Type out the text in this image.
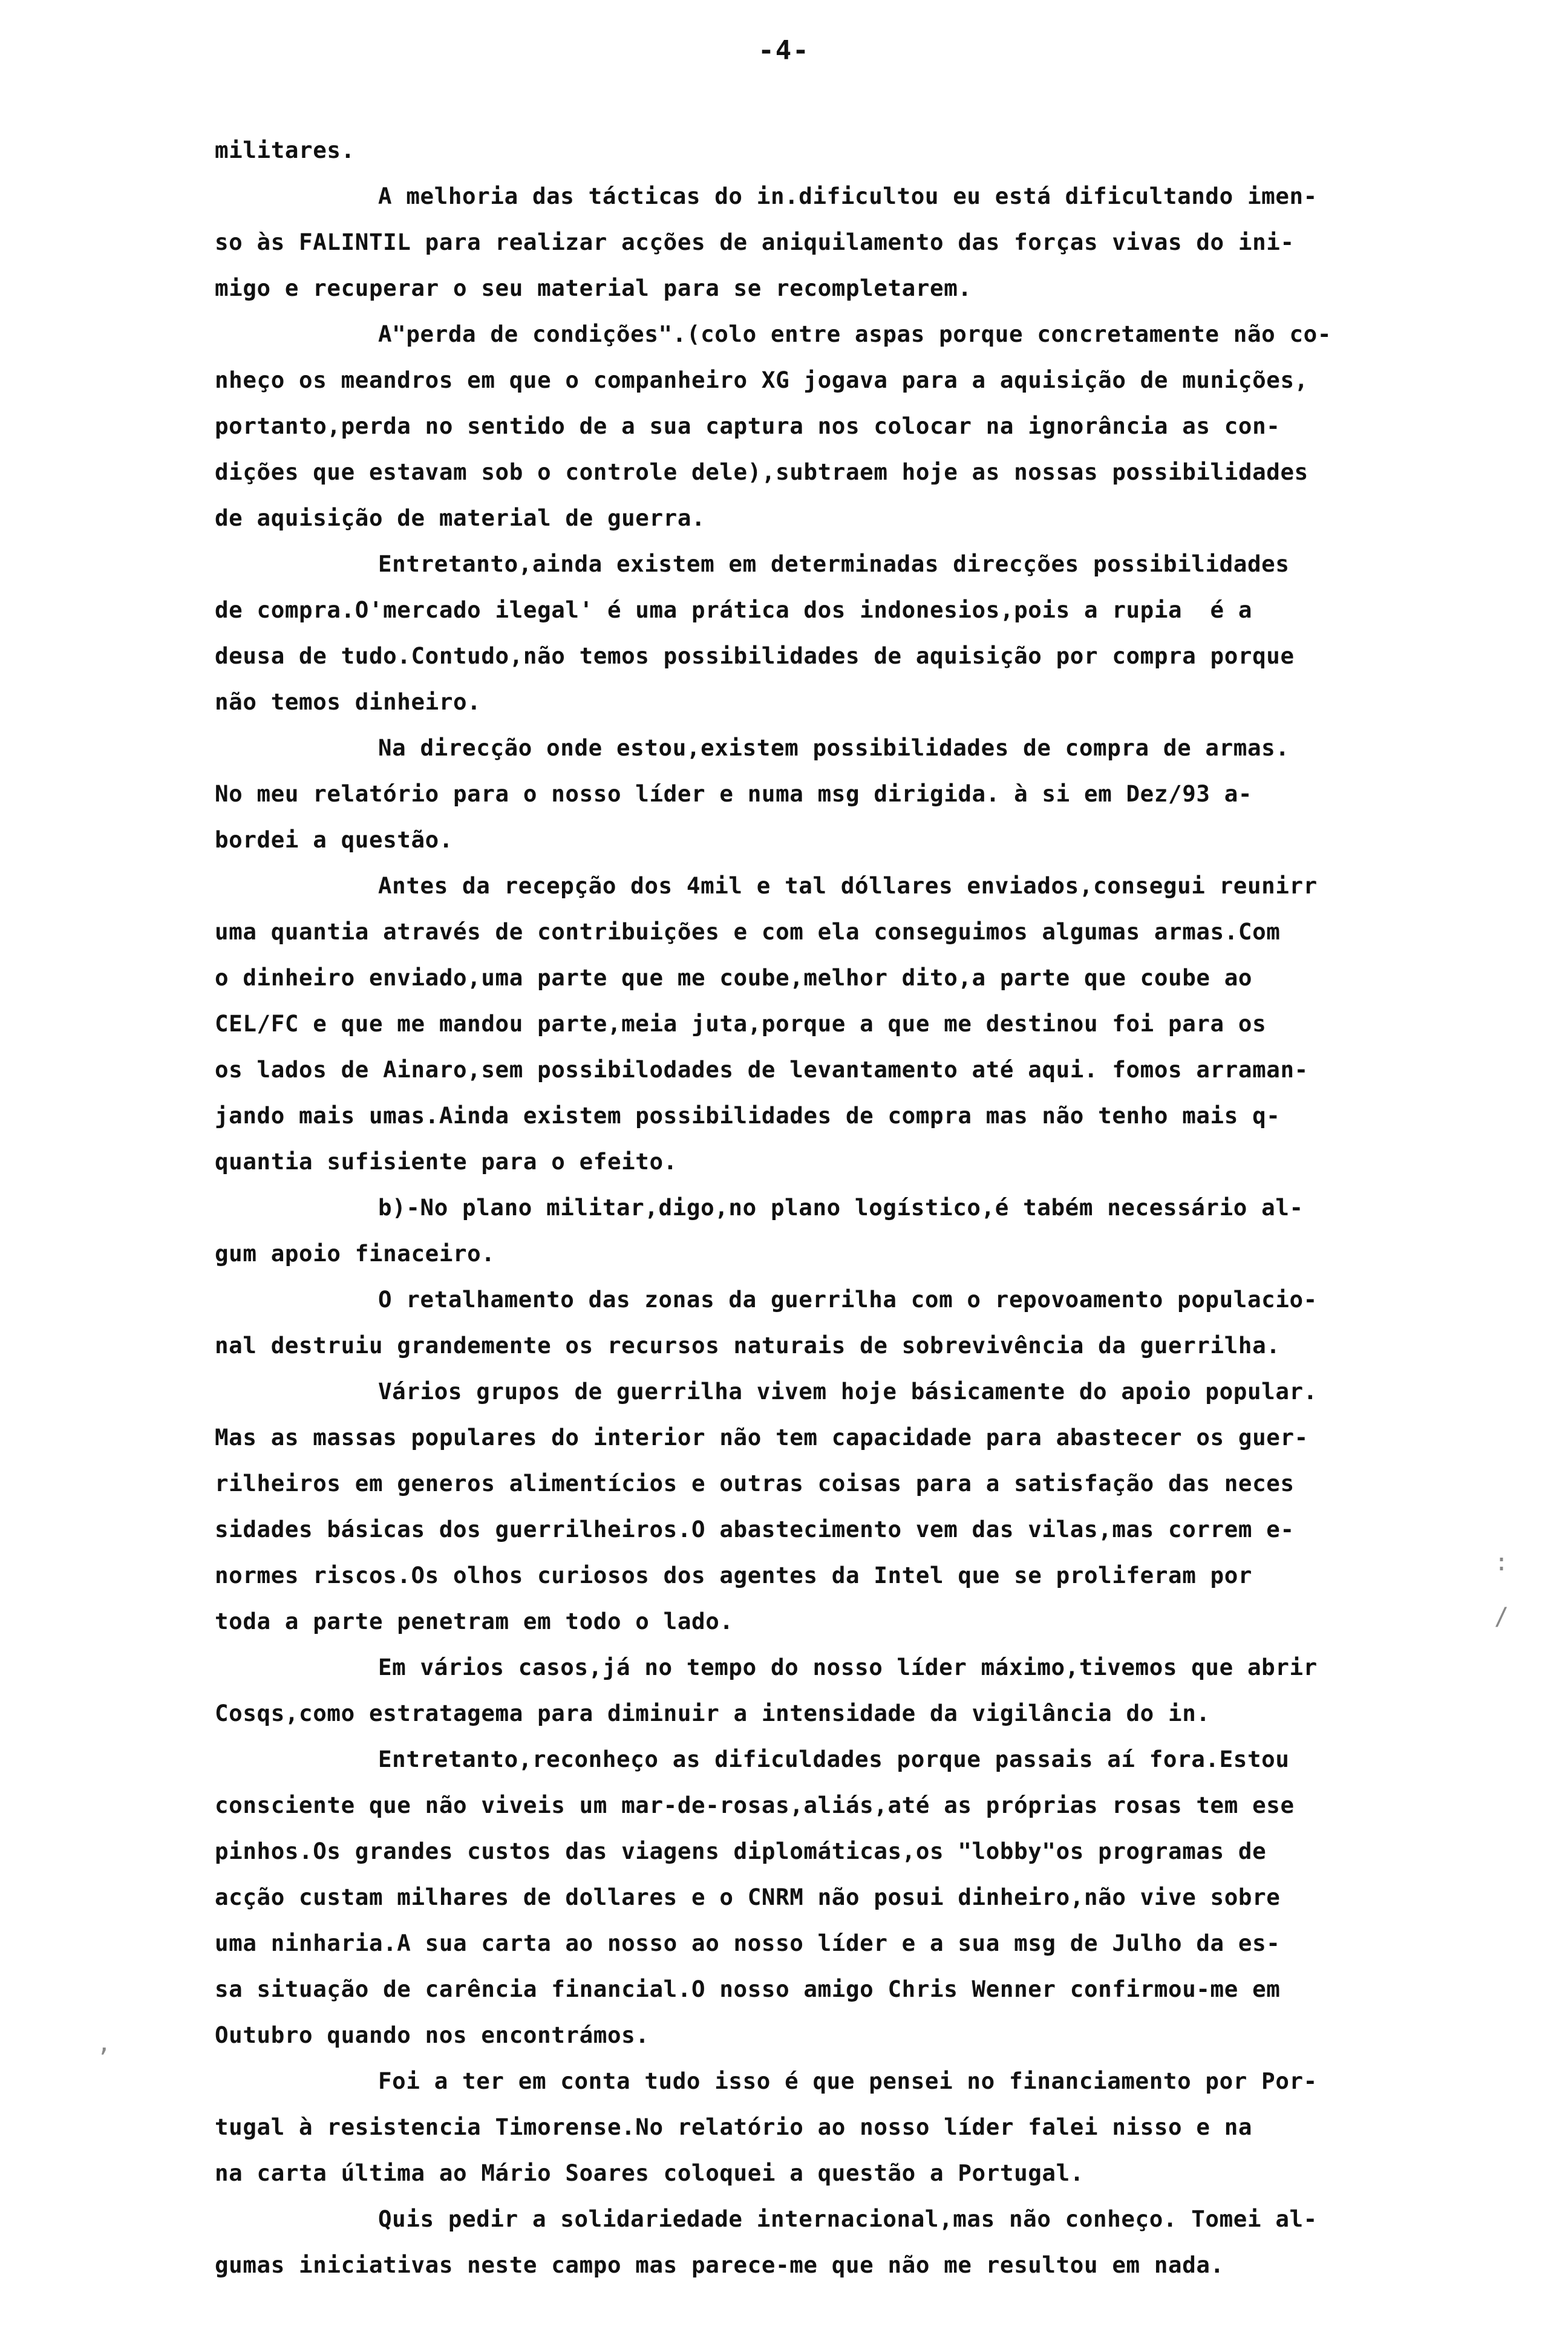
-4-
militares.
A melhoria das tácticas do in.dificultou eu está dificultando imen-
so às FALINTIL para realizar acções de aniquilamento das forças vivas do ini-
migo e recuperar o seu material para se recompletarem.
A"perda de condições".(colo entre aspas porque concretamente não co-
nheço os meandros em que o companheiro XG jogava para a aquisição de munições,
portanto,perda no sentido de a sua captura nos colocar na ignorância as con-
dições que estavam sob o controle dele),subtraem hoje as nossas possibilidades
de aquisição de material de guerra.
Entretanto,ainda existem em determinadas direcções possibilidades
de compra.O'mercado ilegal' é uma prática dos indonesios,pois a rupia  é a
deusa de tudo.Contudo,não temos possibilidades de aquisição por compra porque
não temos dinheiro.
Na direcção onde estou,existem possibilidades de compra de armas.
No meu relatório para o nosso líder e numa msg dirigida. à si em Dez/93 a-
bordei a questão.
Antes da recepção dos 4mil e tal dóllares enviados,consegui reunirr
uma quantia através de contribuições e com ela conseguimos algumas armas.Com
o dinheiro enviado,uma parte que me coube,melhor dito,a parte que coube ao
CEL/FC e que me mandou parte,meia juta,porque a que me destinou foi para os
os lados de Ainaro,sem possibilodades de levantamento até aqui. fomos arraman-
jando mais umas.Ainda existem possibilidades de compra mas não tenho mais q-
quantia sufisiente para o efeito.
b)-No plano militar,digo,no plano logístico,é tabém necessário al-
gum apoio finaceiro.
O retalhamento das zonas da guerrilha com o repovoamento populacio-
nal destruiu grandemente os recursos naturais de sobrevivência da guerrilha.
Vários grupos de guerrilha vivem hoje básicamente do apoio popular.
Mas as massas populares do interior não tem capacidade para abastecer os guer-
rilheiros em generos alimentícios e outras coisas para a satisfação das neces
sidades básicas dos guerrilheiros.O abastecimento vem das vilas,mas correm e-
normes riscos.Os olhos curiosos dos agentes da Intel que se proliferam por
toda a parte penetram em todo o lado.
Em vários casos,já no tempo do nosso líder máximo,tivemos que abrir
Cosqs,como estratagema para diminuir a intensidade da vigilância do in.
Entretanto,reconheço as dificuldades porque passais aí fora.Estou
consciente que não viveis um mar-de-rosas,aliás,até as próprias rosas tem ese
pinhos.Os grandes custos das viagens diplomáticas,os "lobby"os programas de
acção custam milhares de dollares e o CNRM não posui dinheiro,não vive sobre
uma ninharia.A sua carta ao nosso ao nosso líder e a sua msg de Julho da es-
sa situação de carência financial.O nosso amigo Chris Wenner confirmou-me em
Outubro quando nos encontrámos.
Foi a ter em conta tudo isso é que pensei no financiamento por Por-
tugal à resistencia Timorense.No relatório ao nosso líder falei nisso e na
na carta última ao Mário Soares coloquei a questão a Portugal.
Quis pedir a solidariedade internacional,mas não conheço. Tomei al-
gumas iniciativas neste campo mas parece-me que não me resultou em nada.
:
/
,
